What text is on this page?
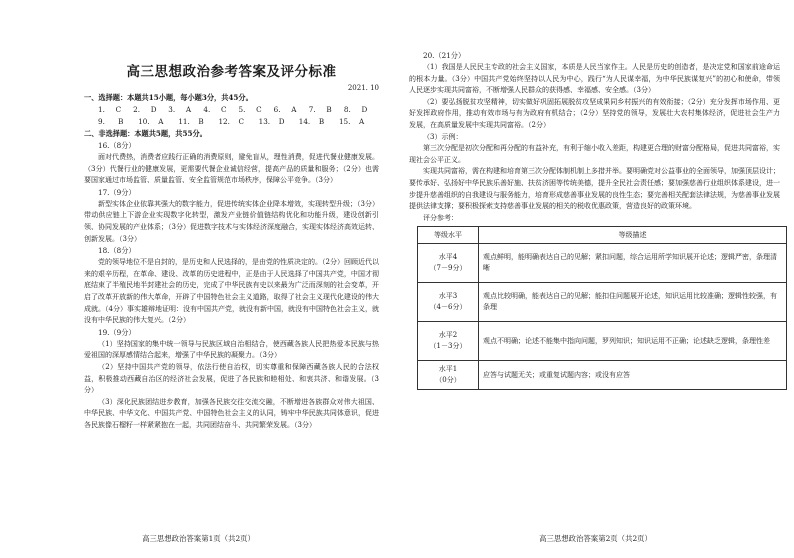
高三思想政治参考答案及评分标准

2021. 10

一、选择题：本题共15小题，每小题3分，共45分。

1.	C	2.	D	3.	A	4.	C	5.	C	6.	A	7.	B	8.	D
9.	B	10.	A	11.	B	12.	C	13.	D	14.	B	15.	A

二、非选择题：本题共5题，共55分。

16.（8分）

面对代费热，消费者应践行正确的消费原则，避免盲从，理性消费，促进代餐业健康发展。（3分）代餐行业的健康发展，更需要代餐企业诚信经营，提高产品的质量和服务；（2分）也需要国家通过市场监管、质量监管、安全监管规范市场秩序，保障公平竞争。（3分）

17.（9分）

新型实体企业依靠其强大的数字能力，促进传统实体企业降本增效，实现转型升级；（3分）带动供应链上下游企业实现数字化转型，激发产业链价值链结构优化和功能升级，建设创新引领、协同发展的产业体系；（3分）促进数字技术与实体经济深度融合，实现实体经济高效运转、创新发展。（3分）

18.（8分）

党的领导地位不是自封的，是历史和人民选择的，是由党的性质决定的。（2分）回顾近代以来的艰辛历程，在革命、建设、改革的历史进程中，正是由于人民选择了中国共产党，中国才彻底结束了半殖民地半封建社会的历史，完成了中华民族有史以来最为广泛而深刻的社会变革，开启了改革开放新的伟大革命，开辟了中国特色社会主义道路，取得了社会主义现代化建设的伟大成就。（4分）事实雄辩地证明：没有中国共产党，就没有新中国，就没有中国特色社会主义，就没有中华民族的伟大复兴。（2分）

19.（9分）

（1）坚持国家的集中统一领导与民族区域自治相结合，使西藏各族人民把热爱本民族与热爱祖国的深厚感情结合起来，增强了中华民族的凝聚力。（3分）

（2）坚持中国共产党的领导，依法行使自治权，切实尊重和保障西藏各族人民的合法权益，积极推动西藏自治区的经济社会发展，促进了各民族和睦相处、和衷共济、和谐发展。（3分）

（3）深化民族团结进步教育，加强各民族交往交流交融，不断增进各族群众对伟大祖国、中华民族、中华文化、中国共产党、中国特色社会主义的认同，铸牢中华民族共同体意识，促进各民族像石榴籽一样紧紧抱在一起，共同团结奋斗、共同繁荣发展。（3分）

高三思想政治答案第1页（共2页）

20.（21分）

（1）我国是人民民主专政的社会主义国家，本质是人民当家作主。人民是历史的创造者，是决定党和国家前途命运的根本力量。（3分）中国共产党始终坚持以人民为中心，践行“为人民谋幸福，为中华民族谋复兴”的初心和使命，带领人民逐步实现共同富裕，不断增强人民群众的获得感、幸福感、安全感。（3分）

（2）要弘扬脱贫攻坚精神，切实做好巩固拓展脱贫攻坚成果同乡村振兴的有效衔接；（2分）充分发挥市场作用、更好发挥政府作用，推动有效市场与有为政府有机结合；（2分）坚持党的领导，发展壮大农村集体经济，促进社会生产力发展，在高质量发展中实现共同富裕。（2分）

（3）示例：

第三次分配是初次分配和再分配的有益补充，有利于缩小收入差距，构建更合理的财富分配格局，促进共同富裕，实现社会公平正义。

实现共同富裕，需在构建和培育第三次分配体制机制上多措并举。要明确党对公益事业的全面领导，加强顶层设计；要传承好、弘扬好中华民族乐善好施、扶贫济困等传统美德，提升全民社会责任感；要加强慈善行业组织体系建设，进一步提升慈善组织的自我建设与服务能力，培育形成慈善事业发展的良性生态；要完善相关配套法律法规，为慈善事业发展提供法律支撑；要积极探索支持慈善事业发展的相关的税收优惠政策，营造良好的政策环境。

评分参考：

等级水平	等级描述

水平4
（7－9分）	观点鲜明，能明确表达自己的见解；紧扣问题，综合运用所学知识展开论述；逻辑严密，条理清晰

水平3
（4－6分）	观点比较明确，能表达自己的见解；能扣住问题展开论述，知识运用比较准确；逻辑性较强，有条理

水平2
（1－3分）	观点不明确；论述不能集中指向问题，罗列知识；知识运用不正确；论述缺乏逻辑，条理性差

水平1
（0分）	应答与试题无关；或重复试题内容；或没有应答

高三思想政治答案第2页（共2页）
